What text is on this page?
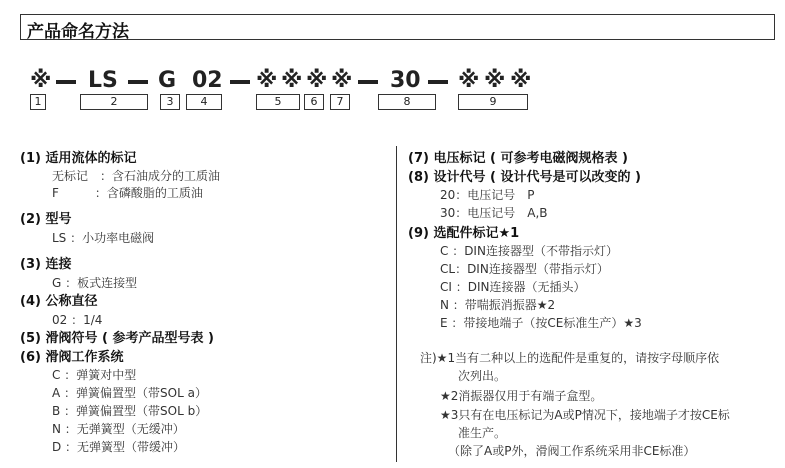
产品命名方法
※ LS G 02 ※ ※ ※ ※ 30 ※ ※ ※
1	2	3	4	5	6	7	8	9
(1) 适用流体的标记
无标记　：含石油成分的工质油
F　　　：含磷酸脂的工质油
(2) 型号
LS ：小功率电磁阀
(3) 连接
G ：板式连接型
(4) 公称直径
02 ：1/4
(5) 滑阀符号 ( 参考产品型号表 )
(6) 滑阀工作系统
C ：弹簧对中型
A ：弹簧偏置型（带SOL a）
B ：弹簧偏置型（带SOL b）
N ：无弹簧型（无缓冲）
D ：无弹簧型（带缓冲）
(7) 电压标记 ( 可参考电磁阀规格表 )
(8) 设计代号 ( 设计代号是可以改变的 )
20：电压记号　P
30：电压记号　A,B
(9) 选配件标记★1
C ：DIN连接器型（不带指示灯）
CL：DIN连接器型（带指示灯）
CI ：DIN连接器（无插头）
N ：带喘振消振器★2
E ：带接地端子（按CE标准生产）★3
注)★1当有二种以上的选配件是重复的，请按字母顺序依
次列出。
★2消振器仅用于有端子盒型。
★3只有在电压标记为A或P情况下，接地端子才按CE标
准生产。
（除了A或P外，滑阀工作系统采用非CE标准）
